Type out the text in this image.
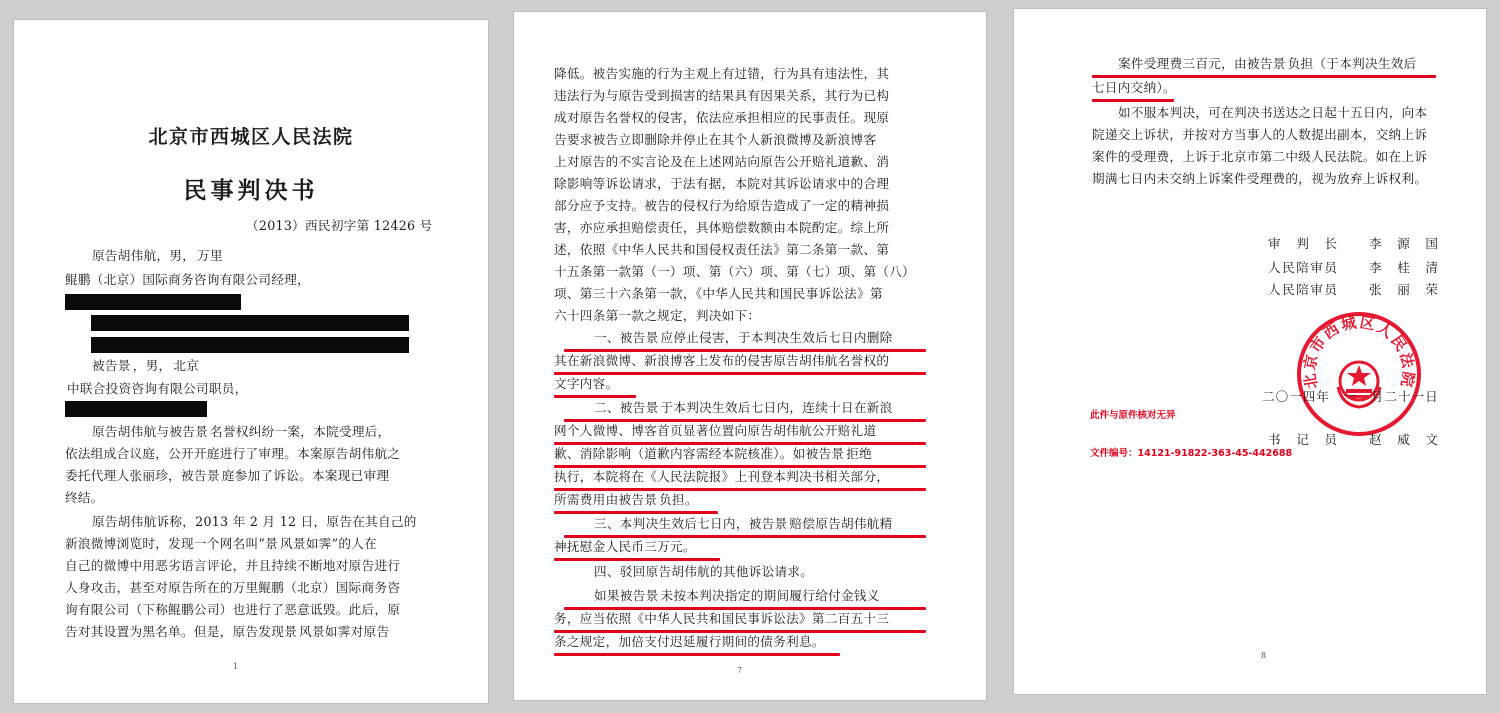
北京市西城区人民法院
民事判决书
（2013）西民初字第 12426 号
原告胡伟航，男， 万里
鲲鹏（北京）国际商务咨询有限公司经理，
被告景 ，男， 北京
中联合投资咨询有限公司职员，
原告胡伟航与被告景 名誉权纠纷一案，本院受理后，
依法组成合议庭，公开开庭进行了审理。本案原告胡伟航之
委托代理人张丽珍，被告景 庭参加了诉讼。本案现已审理
终结。
原告胡伟航诉称，2013 年 2 月 12 日，原告在其自己的
新浪微博浏览时，发现一个网名叫“景 风景如霁”的人在
自己的微博中用恶劣语言评论，并且持续不断地对原告进行
人身攻击，甚至对原告所在的万里鲲鹏（北京）国际商务咨
询有限公司（下称鲲鹏公司）也进行了恶意诋毁。此后，原
告对其设置为黑名单。但是，原告发现景 风景如霁对原告
1
降低。被告实施的行为主观上有过错，行为具有违法性，其
违法行为与原告受到损害的结果具有因果关系，其行为已构
成对原告名誉权的侵害，依法应承担相应的民事责任。现原
告要求被告立即删除并停止在其个人新浪微博及新浪博客
上对原告的不实言论及在上述网站向原告公开赔礼道歉、消
除影响等诉讼请求，于法有据，本院对其诉讼请求中的合理
部分应予支持。被告的侵权行为给原告造成了一定的精神损
害，亦应承担赔偿责任，具体赔偿数额由本院酌定。综上所
述，依照《中华人民共和国侵权责任法》第二条第一款、第
十五条第一款第（一）项、第（六）项、第（七）项、第（八）
项、第三十六条第一款，《中华人民共和国民事诉讼法》第
六十四条第一款之规定，判决如下：
一、被告景 应停止侵害，于本判决生效后七日内删除
其在新浪微博、新浪博客上发布的侵害原告胡伟航名誉权的
文字内容。
二、被告景 于本判决生效后七日内，连续十日在新浪
网个人微博、博客首页显著位置向原告胡伟航公开赔礼道
歉、消除影响（道歉内容需经本院核准）。如被告景 拒绝
执行，本院将在《人民法院报》上刊登本判决书相关部分，
所需费用由被告景 负担。
三、本判决生效后七日内，被告景 赔偿原告胡伟航精
神抚慰金人民币三万元。
四、驳回原告胡伟航的其他诉讼请求。
如果被告景 未按本判决指定的期间履行给付金钱义
务，应当依照《中华人民共和国民事诉讼法》第二百五十三
条之规定，加倍支付迟延履行期间的债务利息。
7
案件受理费三百元，由被告景 负担（于本判决生效后
七日内交纳）。
如不服本判决，可在判决书送达之日起十五日内，向本
院递交上诉状，并按对方当事人的人数提出副本，交纳上诉
案件的受理费，上诉于北京市第二中级人民法院。如在上诉
期满七日内未交纳上诉案件受理费的，视为放弃上诉权利。
审　判　长 李　源　国
人民陪审员 李　桂　清
人民陪审员 张　丽　荣
北京市西城区人民法院
二〇一四年　一　月二十一日
此件与原件核对无异
书　记　员 赵　威　文
文件编号：14121-91822-363-45-442688
8
